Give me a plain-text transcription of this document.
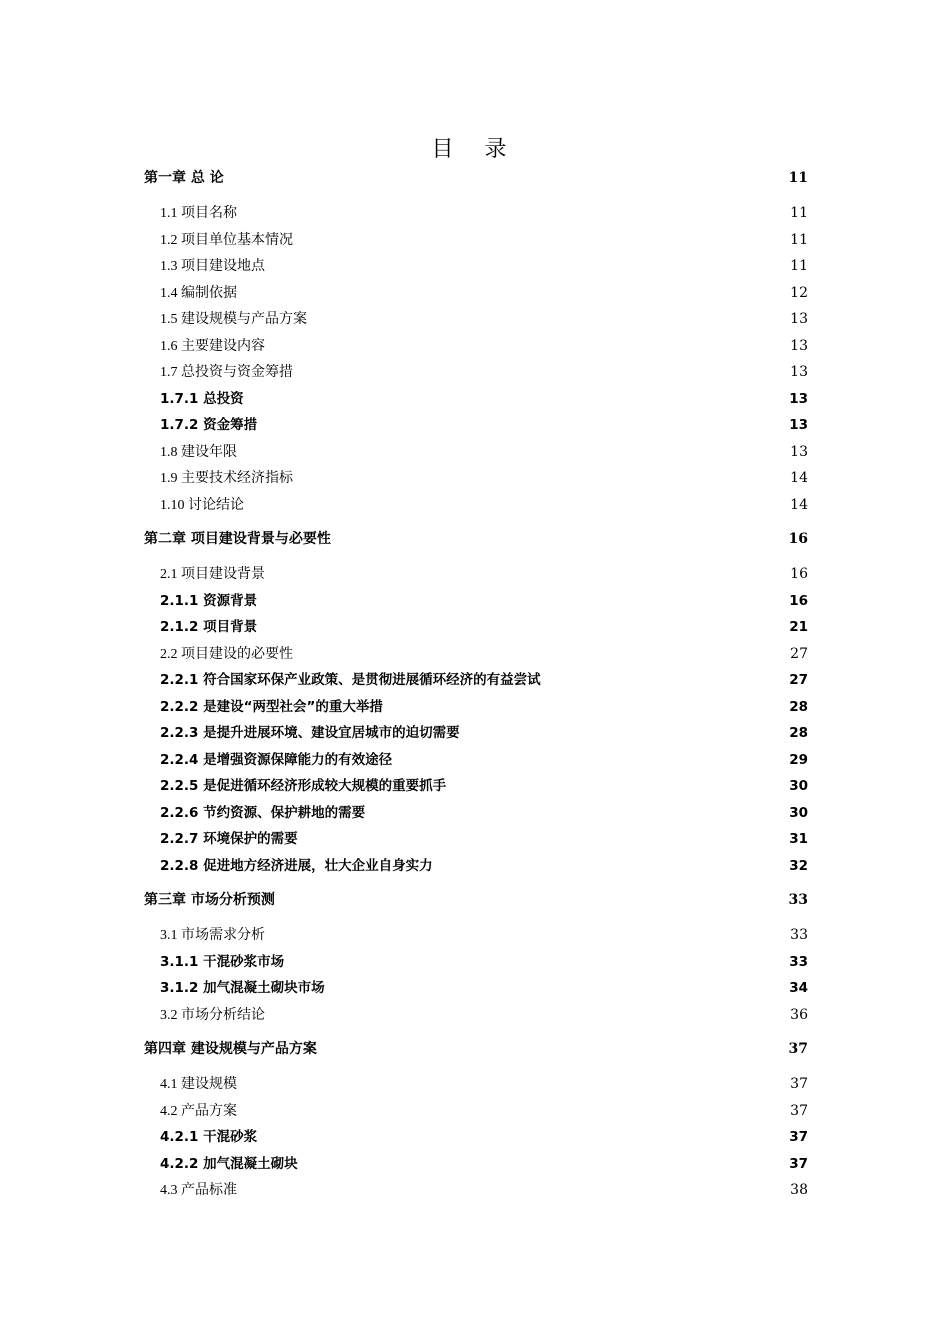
目 录
第一章 总 论	11
1.1 项目名称	11
1.2 项目单位基本情况	11
1.3 项目建设地点	11
1.4 编制依据	12
1.5 建设规模与产品方案	13
1.6 主要建设内容	13
1.7 总投资与资金筹措	13
1.7.1 总投资	13
1.7.2 资金筹措	13
1.8 建设年限	13
1.9 主要技术经济指标	14
1.10 讨论结论	14
第二章 项目建设背景与必要性	16
2.1 项目建设背景	16
2.1.1 资源背景	16
2.1.2 项目背景	21
2.2 项目建设的必要性	27
2.2.1 符合国家环保产业政策、是贯彻进展循环经济的有益尝试	27
2.2.2 是建设“两型社会”的重大举措	28
2.2.3 是提升进展环境、建设宜居城市的迫切需要	28
2.2.4 是增强资源保障能力的有效途径	29
2.2.5 是促进循环经济形成较大规模的重要抓手	30
2.2.6 节约资源、保护耕地的需要	30
2.2.7 环境保护的需要	31
2.2.8 促进地方经济进展，壮大企业自身实力	32
第三章 市场分析预测	33
3.1 市场需求分析	33
3.1.1 干混砂浆市场	33
3.1.2 加气混凝土砌块市场	34
3.2 市场分析结论	36
第四章 建设规模与产品方案	37
4.1 建设规模	37
4.2 产品方案	37
4.2.1 干混砂浆	37
4.2.2 加气混凝土砌块	37
4.3 产品标准	38
